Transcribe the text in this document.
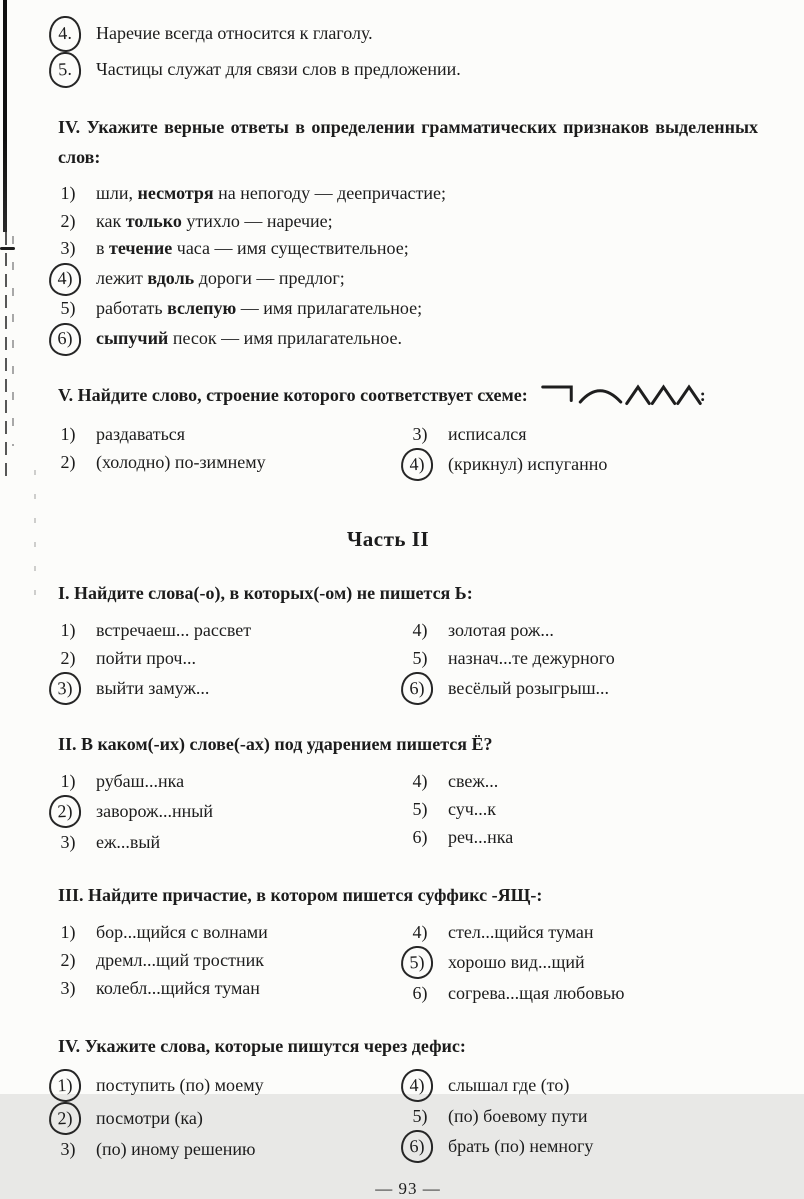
4.	Наречие всегда относится к глаголу.
5.	Частицы служат для связи слов в предложении.

IV. Укажите верные ответы в определении грамматических признаков выделенных слов:

1)	шли, несмотря на непогоду — деепричастие;
2)	как только утихло — наречие;
3)	в течение часа — имя существительное;
4)	лежит вдоль дороги — предлог;
5)	работать вслепую — имя прилагательное;
6)	сыпучий песок — имя прилагательное.

V. Найдите слово, строение которого соответствует схеме:	:
1)	раздаваться
2)	(холодно) по-зимнему
3)	исписался
4)	(крикнул) испуганно
Часть II

I. Найдите слова(-о), в которых(-ом) не пишется Ь:

1)	встречаеш... рассвет
2)	пойти проч...
3)	выйти замуж...
4)	золотая рож...
5)	назнач...те дежурного
6)	весёлый розыгрыш...

II. В каком(-их) слове(-ах) под ударением пишется Ё?

1)	рубаш...нка
2)	заворож...нный
3)	еж...вый
4)	свеж...
5)	суч...к
6)	реч...нка

III. Найдите причастие, в котором пишется суффикс -ЯЩ-:

1)	бор...щийся с волнами
2)	дремл...щий тростник
3)	колебл...щийся туман
4)	стел...щийся туман
5)	хорошо вид...щий
6)	согрева...щая любовью

IV. Укажите слова, которые пишутся через дефис:

1)	поступить (по) моему
2)	посмотри (ка)
3)	(по) иному решению
4)	слышал где (то)
5)	(по) боевому пути
6)	брать (по) немногу
— 93 —
